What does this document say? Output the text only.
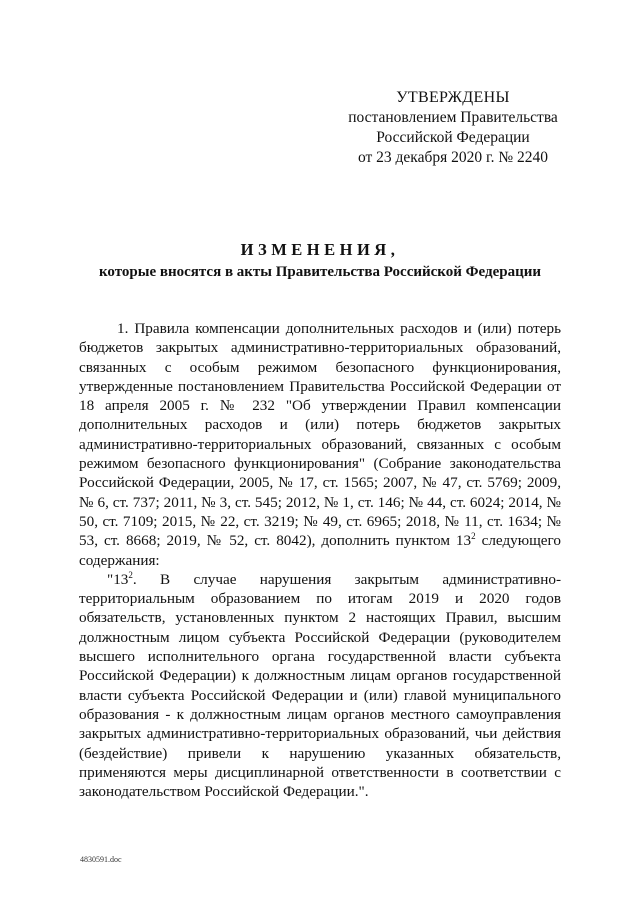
УТВЕРЖДЕНЫ
постановлением Правительства
Российской Федерации
от 23 декабря 2020 г. № 2240
ИЗМЕНЕНИЯ,
которые вносятся в акты Правительства Российской Федерации

1. Правила компенсации дополнительных расходов и (или) потерь бюджетов закрытых административно-территориальных образований, связанных с особым режимом безопасного функционирования, утвержденные постановлением Правительства Российской Федерации от 18 апреля 2005 г. № 232 "Об утверждении Правил компенсации дополнительных расходов и (или) потерь бюджетов закрытых административно-территориальных образований, связанных с особым режимом безопасного функционирования" (Собрание законодательства Российской Федерации, 2005, № 17, ст. 1565; 2007, № 47, ст. 5769; 2009, № 6, ст. 737; 2011, № 3, ст. 545; 2012, № 1, ст. 146; № 44, ст. 6024; 2014, № 50, ст. 7109; 2015, № 22, ст. 3219; № 49, ст. 6965; 2018, № 11, ст. 1634; № 53, ст. 8668; 2019, № 52, ст. 8042), дополнить пунктом $13^2$ следующего содержания:

"$13^2$. В случае нарушения закрытым административно-территориальным образованием по итогам 2019 и 2020 годов обязательств, установленных пунктом 2 настоящих Правил, высшим должностным лицом субъекта Российской Федерации (руководителем высшего исполнительного органа государственной власти субъекта Российской Федерации) к должностным лицам органов государственной власти субъекта Российской Федерации и (или) главой муниципального образования - к должностным лицам органов местного самоуправления закрытых административно-территориальных образований, чьи действия (бездействие) привели к нарушению указанных обязательств, применяются меры дисциплинарной ответственности в соответствии с законодательством Российской Федерации.".

4830591.doc
